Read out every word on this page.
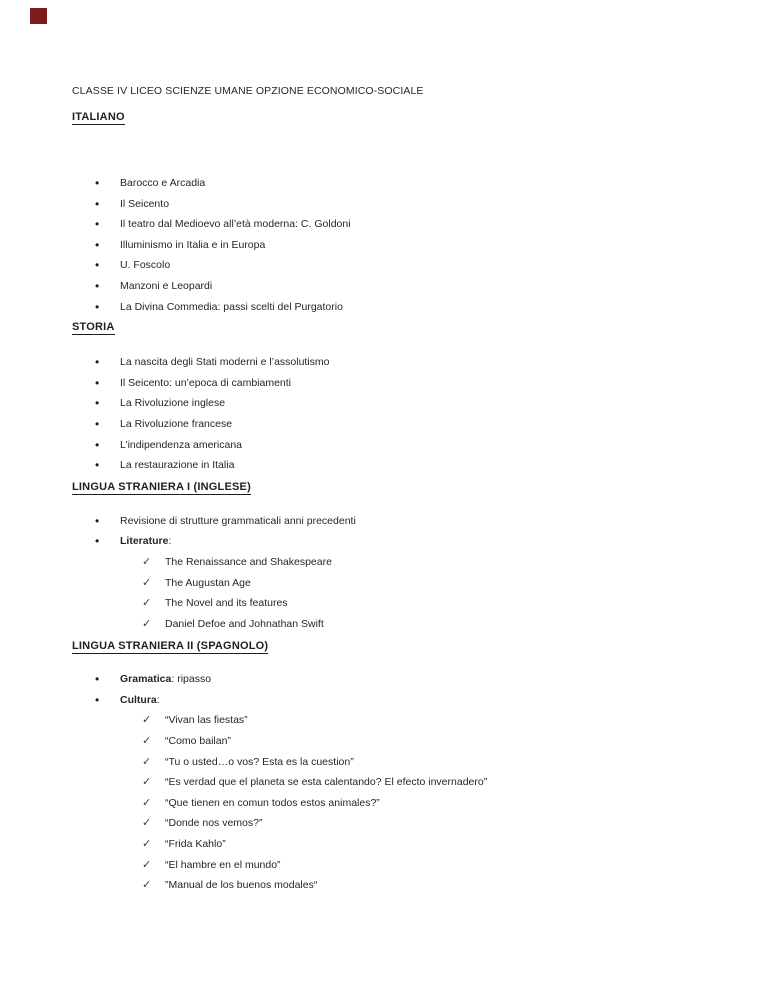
CLASSE IV LICEO SCIENZE UMANE OPZIONE ECONOMICO-SOCIALE

ITALIANO
• Barocco e Arcadia
• Il Seicento
• Il teatro dal Medioevo all’età moderna: C. Goldoni
• Illuminismo in Italia e in Europa
• U. Foscolo
• Manzoni e Leopardi
• La Divina Commedia: passi scelti del Purgatorio
STORIA
• La nascita degli Stati moderni e l’assolutismo
• Il Seicento: un’epoca di cambiamenti
• La Rivoluzione inglese
• La Rivoluzione francese
• L’indipendenza americana
• La restaurazione in Italia
LINGUA STRANIERA I (INGLESE)
• Revisione di strutture grammaticali anni precedenti
• Literature:
✓ The Renaissance and Shakespeare
✓ The Augustan Age
✓ The Novel and its features
✓ Daniel Defoe and Johnathan Swift
LINGUA STRANIERA II (SPAGNOLO)
• Gramatica: ripasso
• Cultura:
✓ “Vivan las fiestas”
✓ “Como bailan”
✓ “Tu o usted…o vos? Esta es la cuestion”
✓ “Es verdad que el planeta se esta calentando? El efecto invernadero”
✓ “Que tienen en comun todos estos animales?”
✓ “Donde nos vemos?”
✓ “Frida Kahlo”
✓ “El hambre en el mundo”
✓ ”Manual de los buenos modales“
